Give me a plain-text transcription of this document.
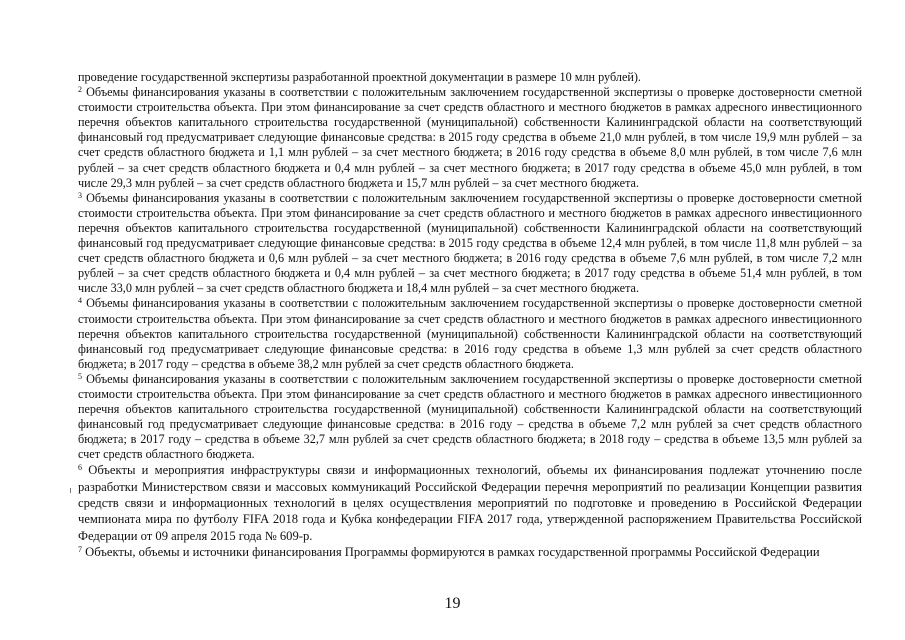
проведение государственной экспертизы разработанной проектной документации в размере 10 млн рублей).

$^2$ Объемы финансирования указаны в соответствии с положительным заключением государственной экспертизы о проверке достоверности сметной стоимости строительства объекта. При этом финансирование за счет средств областного и местного бюджетов в рамках адресного инвестиционного перечня объектов капитального строительства государственной (муниципальной) собственности Калининградской области на соответствующий финансовый год предусматривает следующие финансовые средства: в 2015 году средства в объеме 21,0 млн рублей, в том числе 19,9 млн рублей – за счет средств областного бюджета и 1,1 млн рублей – за счет местного бюджета; в 2016 году средства в объеме 8,0 млн рублей, в том числе 7,6 млн рублей – за счет средств областного бюджета и 0,4 млн рублей – за счет местного бюджета; в 2017 году средства в объеме 45,0 млн рублей, в том числе 29,3 млн рублей – за счет средств областного бюджета и 15,7 млн рублей – за счет местного бюджета.

$^3$ Объемы финансирования указаны в соответствии с положительным заключением государственной экспертизы о проверке достоверности сметной стоимости строительства объекта. При этом финансирование за счет средств областного и местного бюджетов в рамках адресного инвестиционного перечня объектов капитального строительства государственной (муниципальной) собственности Калининградской области на соответствующий финансовый год предусматривает следующие финансовые средства: в 2015 году средства в объеме 12,4 млн рублей, в том числе 11,8 млн рублей – за счет средств областного бюджета и 0,6 млн рублей – за счет местного бюджета; в 2016 году средства в объеме 7,6 млн рублей, в том числе 7,2 млн рублей – за счет средств областного бюджета и 0,4 млн рублей – за счет местного бюджета; в 2017 году средства в объеме 51,4 млн рублей, в том числе 33,0 млн рублей – за счет средств областного бюджета и 18,4 млн рублей – за счет местного бюджета.

$^4$ Объемы финансирования указаны в соответствии с положительным заключением государственной экспертизы о проверке достоверности сметной стоимости строительства объекта. При этом финансирование за счет средств областного и местного бюджетов в рамках адресного инвестиционного перечня объектов капитального строительства государственной (муниципальной) собственности Калининградской области на соответствующий финансовый год предусматривает следующие финансовые средства: в 2016 году средства в объеме 1,3 млн рублей за счет средств областного бюджета; в 2017 году – средства в объеме 38,2 млн рублей за счет средств областного бюджета.

$^5$ Объемы финансирования указаны в соответствии с положительным заключением государственной экспертизы о проверке достоверности сметной стоимости строительства объекта. При этом финансирование за счет средств областного и местного бюджетов в рамках адресного инвестиционного перечня объектов капитального строительства государственной (муниципальной) собственности Калининградской области на соответствующий финансовый год предусматривает следующие финансовые средства: в 2016 году – средства в объеме 7,2 млн рублей за счет средств областного бюджета; в 2017 году – средства в объеме 32,7 млн рублей за счет средств областного бюджета; в 2018 году – средства в объеме 13,5 млн рублей за счет средств областного бюджета.

$^6$ Объекты и мероприятия инфраструктуры связи и информационных технологий, объемы их финансирования подлежат уточнению после разработки Министерством связи и массовых коммуникаций Российской Федерации перечня мероприятий по реализации Концепции развития средств связи и информационных технологий в целях осуществления мероприятий по подготовке и проведению в Российской Федерации чемпионата мира по футболу FIFA 2018 года и Кубка конфедерации FIFA 2017 года, утвержденной распоряжением Правительства Российской Федерации от 09 апреля 2015 года № 609-р.

$^7$ Объекты, объемы и источники финансирования Программы формируются в рамках государственной программы Российской Федерации

19
